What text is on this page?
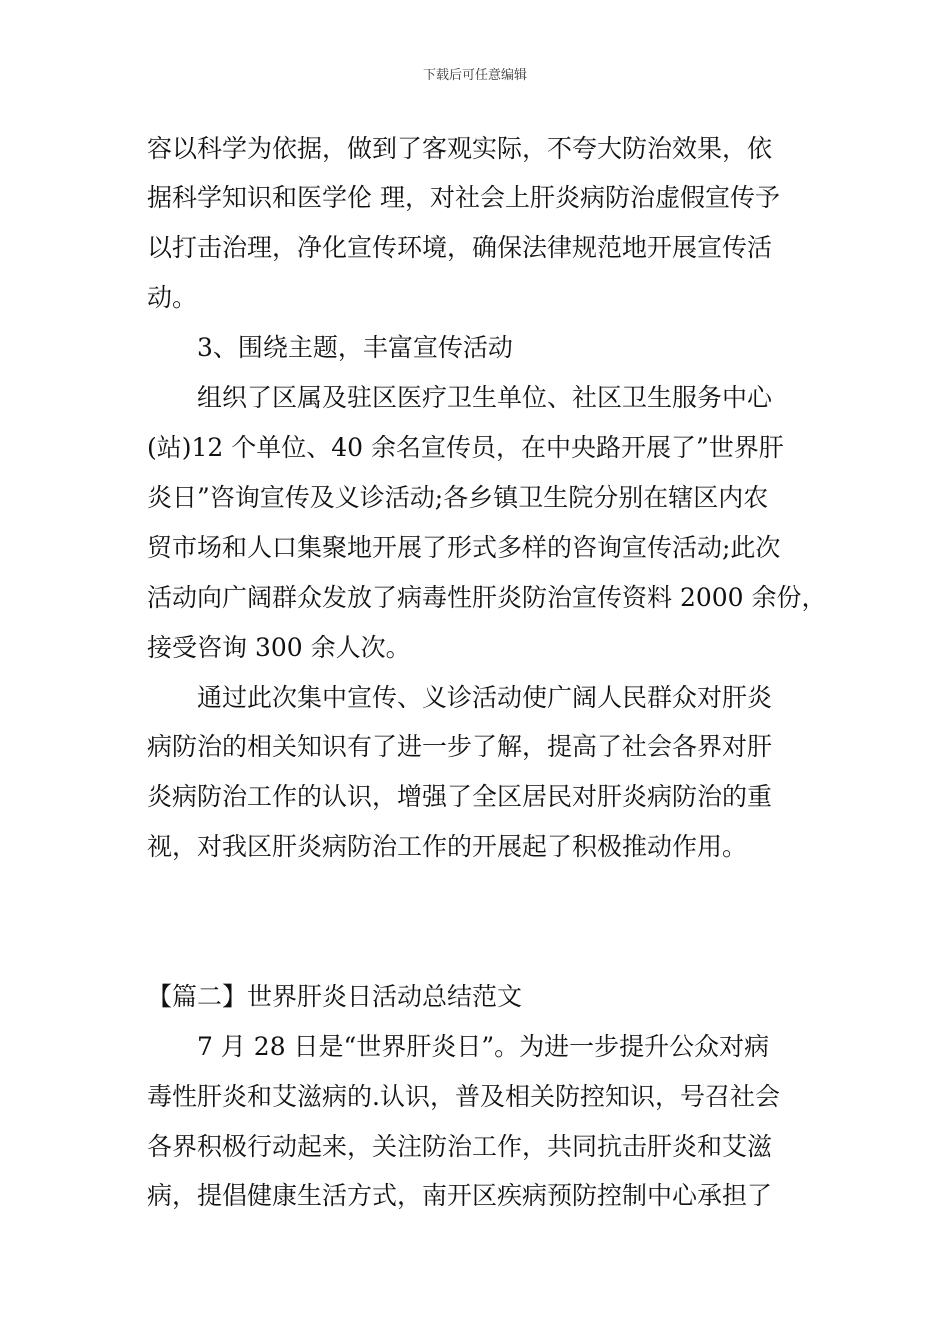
下载后可任意编辑
容以科学为依据，做到了客观实际，不夸大防治效果，依
据科学知识和医学伦 理，对社会上肝炎病防治虚假宣传予
以打击治理，净化宣传环境，确保法律规范地开展宣传活
动。
3、围绕主题，丰富宣传活动
组织了区属及驻区医疗卫生单位、社区卫生服务中心
(站)12 个单位、40 余名宣传员，在中央路开展了”世界肝
炎日”咨询宣传及义诊活动;各乡镇卫生院分别在辖区内农
贸市场和人口集聚地开展了形式多样的咨询宣传活动;此次
活动向广阔群众发放了病毒性肝炎防治宣传资料 2000 余份，
接受咨询 300 余人次。
通过此次集中宣传、义诊活动使广阔人民群众对肝炎
病防治的相关知识有了进一步了解，提高了社会各界对肝
炎病防治工作的认识，增强了全区居民对肝炎病防治的重
视，对我区肝炎病防治工作的开展起了积极推动作用。
【篇二】世界肝炎日活动总结范文
7 月 28 日是“世界肝炎日”。为进一步提升公众对病
毒性肝炎和艾滋病的.认识，普及相关防控知识，号召社会
各界积极行动起来，关注防治工作，共同抗击肝炎和艾滋
病，提倡健康生活方式，南开区疾病预防控制中心承担了
